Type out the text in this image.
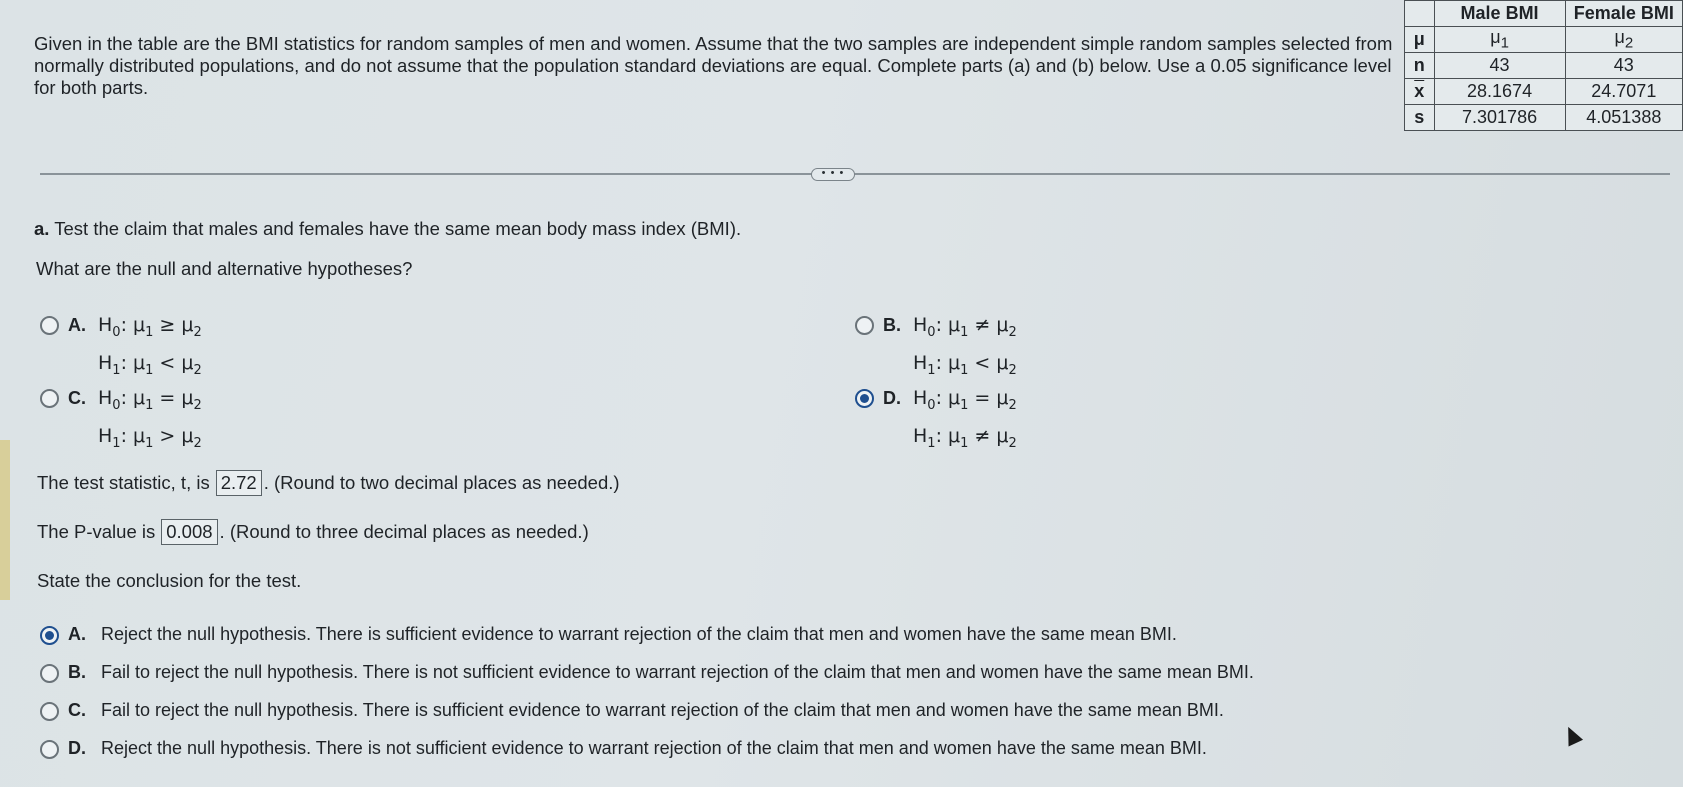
Given in the table are the BMI statistics for random samples of men and women. Assume that the two samples are independent simple random samples selected from normally distributed populations, and do not assume that the population standard deviations are equal. Complete parts (a) and (b) below. Use a 0.05 significance level for both parts.
	Male BMI	Female BMI
μ	$\mu_1$	$\mu_2$
n	43	43
$\overline{x}$	28.1674	24.7071
s	7.301786	4.051388
• • •
a. Test the claim that males and females have the same mean body mass index (BMI).
What are the null and alternative hypotheses?
A. $H_0$: $\mu_1 \ge \mu_2$
$H_1$: $\mu_1 < \mu_2$
B. $H_0$: $\mu_1 \ne \mu_2$
$H_1$: $\mu_1 < \mu_2$
C. $H_0$: $\mu_1 = \mu_2$
$H_1$: $\mu_1 > \mu_2$
D. $H_0$: $\mu_1 = \mu_2$
$H_1$: $\mu_1 \ne \mu_2$
The test statistic, t, is 2.72 . (Round to two decimal places as needed.)
The P-value is 0.008 . (Round to three decimal places as needed.)
State the conclusion for the test.
A. Reject the null hypothesis. There is sufficient evidence to warrant rejection of the claim that men and women have the same mean BMI.
B. Fail to reject the null hypothesis. There is not sufficient evidence to warrant rejection of the claim that men and women have the same mean BMI.
C. Fail to reject the null hypothesis. There is sufficient evidence to warrant rejection of the claim that men and women have the same mean BMI.
D. Reject the null hypothesis. There is not sufficient evidence to warrant rejection of the claim that men and women have the same mean BMI.
